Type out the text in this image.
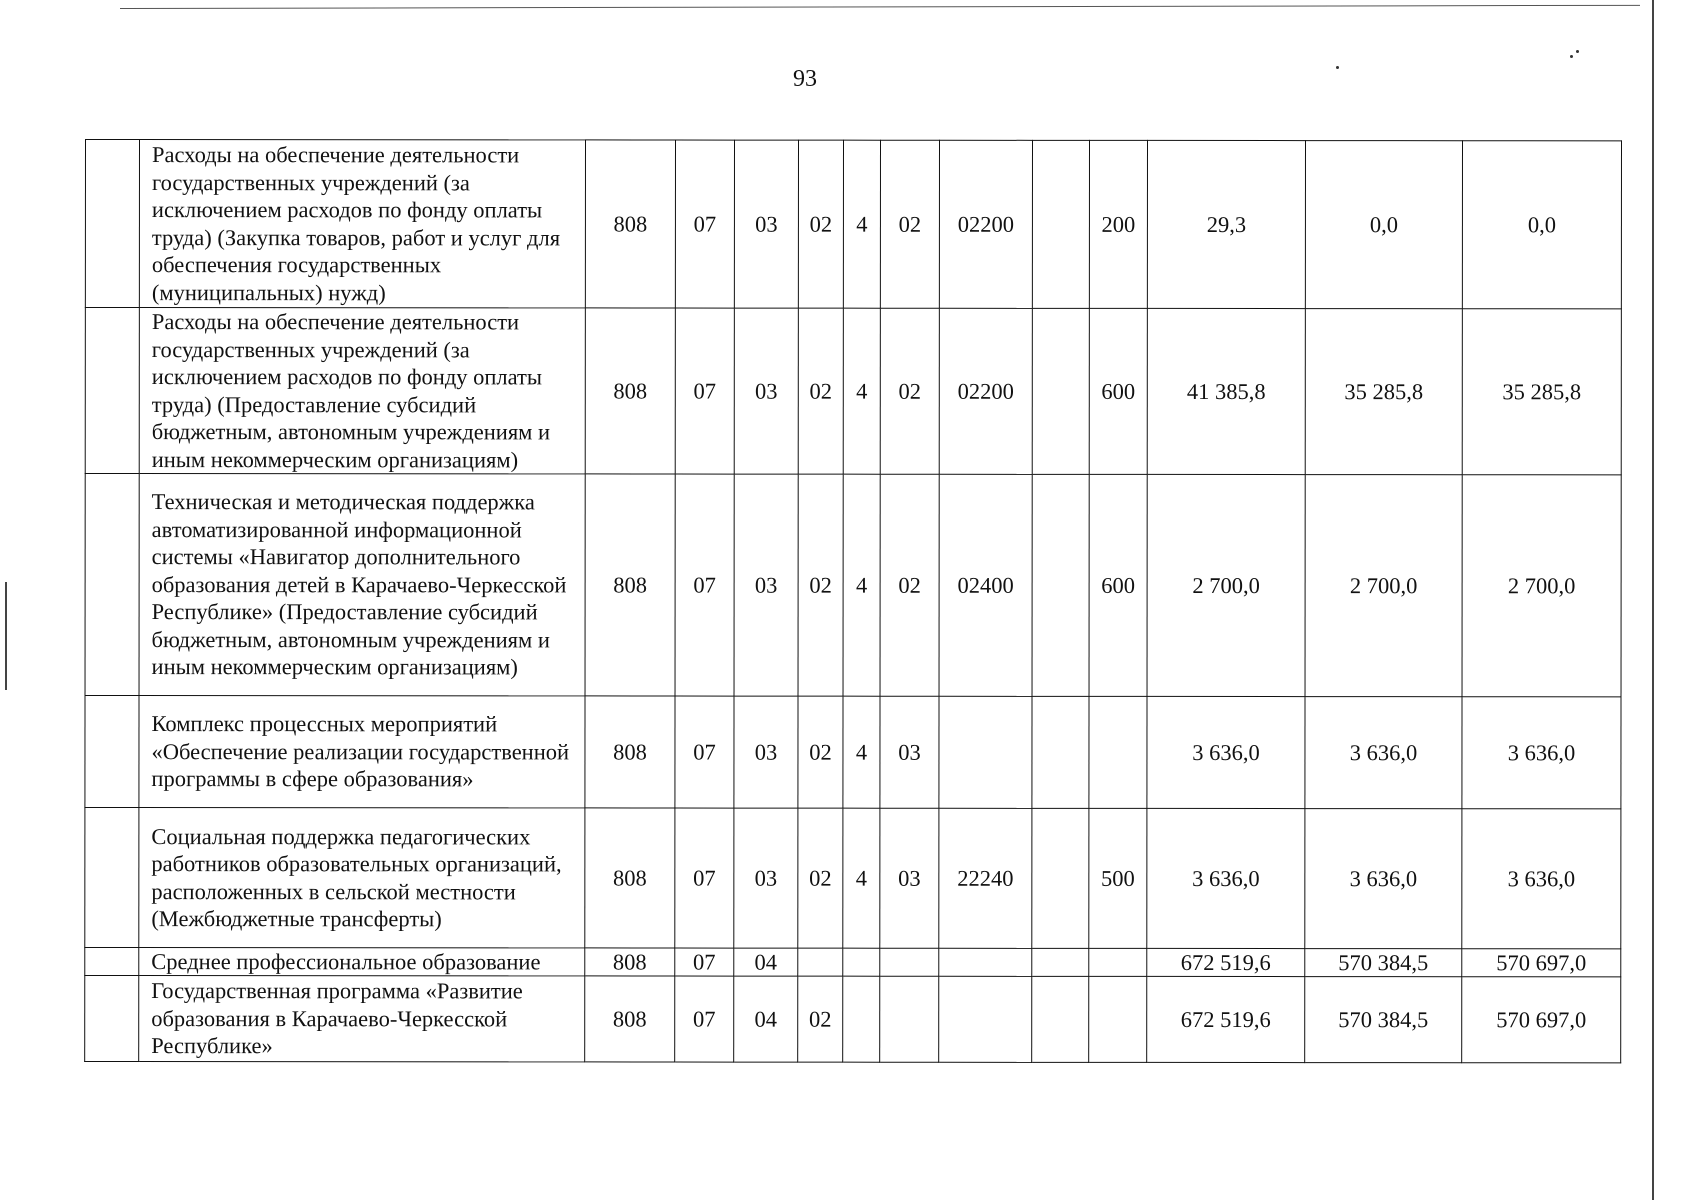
93
	Расходы на обеспечение деятельности государственных учреждений (за исключением расходов по фонду оплаты труда) (Закупка товаров, работ и услуг для обеспечения государственных (муниципальных) нужд)	808	07	03	02	4	02	02200		200	29,3	0,0	0,0
	Расходы на обеспечение деятельности государственных учреждений (за исключением расходов по фонду оплаты труда) (Предоставление субсидий бюджетным, автономным учреждениям и иным некоммерческим организациям)	808	07	03	02	4	02	02200		600	41 385,8	35 285,8	35 285,8
	Техническая и методическая поддержка автоматизированной информационной системы «Навигатор дополнительного образования детей в Карачаево-Черкесской Республике» (Предоставление субсидий бюджетным, автономным учреждениям и иным некоммерческим организациям)	808	07	03	02	4	02	02400		600	2 700,0	2 700,0	2 700,0
	Комплекс процессных мероприятий «Обеспечение реализации государственной программы в сфере образования»	808	07	03	02	4	03				3 636,0	3 636,0	3 636,0
	Социальная поддержка педагогических работников образовательных организаций, расположенных в сельской местности (Межбюджетные трансферты)	808	07	03	02	4	03	22240		500	3 636,0	3 636,0	3 636,0
	Среднее профессиональное образование	808	07	04							672 519,6	570 384,5	570 697,0
	Государственная программа «Развитие образования в Карачаево-Черкесской Республике»	808	07	04	02						672 519,6	570 384,5	570 697,0
